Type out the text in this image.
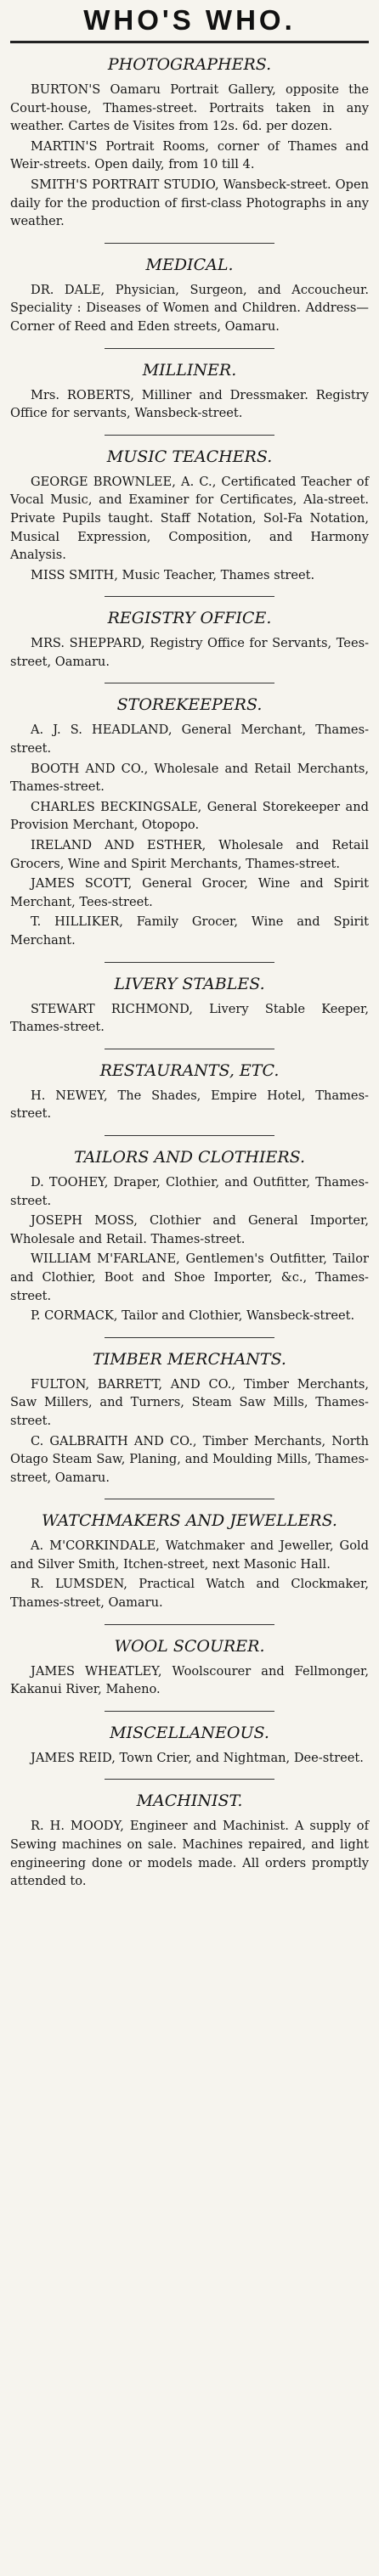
WHO'S WHO.
PHOTOGRAPHERS.

BURTON'S Oamaru Portrait Gallery, opposite the Court-house, Thames-street. Portraits taken in any weather. Cartes de Visites from 12s. 6d. per dozen.

MARTIN'S Portrait Rooms, corner of Thames and Weir-streets. Open daily, from 10 till 4.

SMITH'S PORTRAIT STUDIO, Wansbeck-street. Open daily for the production of first-class Photographs in any weather.

MEDICAL.

DR. DALE, Physician, Surgeon, and Accoucheur. Speciality : Diseases of Women and Children. Address—Corner of Reed and Eden streets, Oamaru.

MILLINER.

Mrs. ROBERTS, Milliner and Dressmaker. Registry Office for servants, Wansbeck-street.

MUSIC TEACHERS.

GEORGE BROWNLEE, A. C., Certificated Teacher of Vocal Music, and Examiner for Certificates, Ala-street. Private Pupils taught. Staff Notation, Sol-Fa Notation, Musical Expression, Composition, and Harmony Analysis.

MISS SMITH, Music Teacher, Thames street.

REGISTRY OFFICE.

MRS. SHEPPARD, Registry Office for Servants, Tees-street, Oamaru.

STOREKEEPERS.

A. J. S. HEADLAND, General Merchant, Thames-street.

BOOTH AND CO., Wholesale and Retail Merchants, Thames-street.

CHARLES BECKINGSALE, General Storekeeper and Provision Merchant, Otopopo.

IRELAND AND ESTHER, Wholesale and Retail Grocers, Wine and Spirit Merchants, Thames-street.

JAMES SCOTT, General Grocer, Wine and Spirit Merchant, Tees-street.

T. HILLIKER, Family Grocer, Wine and Spirit Merchant.

LIVERY STABLES.

STEWART RICHMOND, Livery Stable Keeper, Thames-street.

RESTAURANTS, ETC.

H. NEWEY, The Shades, Empire Hotel, Thames-street.

TAILORS AND CLOTHIERS.

D. TOOHEY, Draper, Clothier, and Outfitter, Thames-street.

JOSEPH MOSS, Clothier and General Importer, Wholesale and Retail. Thames-street.

WILLIAM M'FARLANE, Gentlemen's Outfitter, Tailor and Clothier, Boot and Shoe Importer, &c., Thames-street.

P. CORMACK, Tailor and Clothier, Wansbeck-street.

TIMBER MERCHANTS.

FULTON, BARRETT, AND CO., Timber Merchants, Saw Millers, and Turners, Steam Saw Mills, Thames-street.

C. GALBRAITH AND CO., Timber Merchants, North Otago Steam Saw, Planing, and Moulding Mills, Thames-street, Oamaru.

WATCHMAKERS AND JEWELLERS.

A. M'CORKINDALE, Watchmaker and Jeweller, Gold and Silver Smith, Itchen-street, next Masonic Hall.

R. LUMSDEN, Practical Watch and Clockmaker, Thames-street, Oamaru.

WOOL SCOURER.

JAMES WHEATLEY, Woolscourer and Fellmonger, Kakanui River, Maheno.

MISCELLANEOUS.

JAMES REID, Town Crier, and Nightman, Dee-street.

MACHINIST.

R. H. MOODY, Engineer and Machinist. A supply of Sewing machines on sale. Machines repaired, and light engineering done or models made. All orders promptly attended to.
